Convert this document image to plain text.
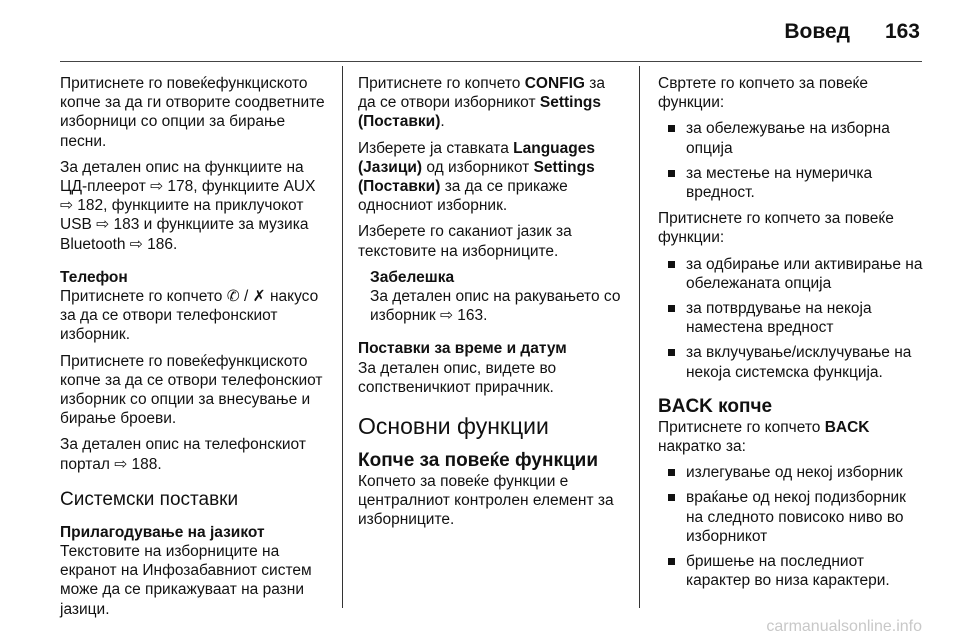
Вовед 163

Притиснете го повеќефункциското копче за да ги отворите соодветните изборници со опции за бирање песни.

За детален опис на функциите на ЦД-плеерот ⇨ 178, функциите AUX ⇨ 182, функциите на приклучокот USB ⇨ 183 и функциите за музика Bluetooth ⇨ 186.

Телефон

Притиснете го копчето ✆ / ✗ накусо за да се отвори телефонскиот изборник.

Притиснете го повеќефункциското копче за да се отвори телефонскиот изборник со опции за внесување и бирање броеви.

За детален опис на телефонскиот портал ⇨ 188.

Системски поставки
Прилагодување на јазикот

Текстовите на изборниците на екранот на Инфозабавниот систем може да се прикажуваат на разни јазици.

Притиснете го копчето CONFIG за да се отвори изборникот Settings (Поставки).

Изберете ја ставката Languages (Јазици) од изборникот Settings (Поставки) за да се прикаже односниот изборник.

Изберете го саканиот јазик за текстовите на изборниците.

Забелешка
За детален опис на ракувањето со изборник ⇨ 163.
Поставки за време и датум

За детален опис, видете во сопственичкиот прирачник.

Основни функции
Копче за повеќе функции

Копчето за повеќе функции е централниот контролен елемент за изборниците.

Свртете го копчето за повеќе функции:

за обележување на изборна опција
за местење на нумеричка вредност.

Притиснете го копчето за повеќе функции:

за одбирање или активирање на обележаната опција
за потврдување на некоја наместена вредност
за вклучување/исклучување на некоја системска функција.
BACK копче

Притиснете го копчето BACK накратко за:

излегување од некој изборник
враќање од некој подизборник на следното повисоко ниво во изборникот
бришење на последниот карактер во низа карактери.
carmanualsonline.info
